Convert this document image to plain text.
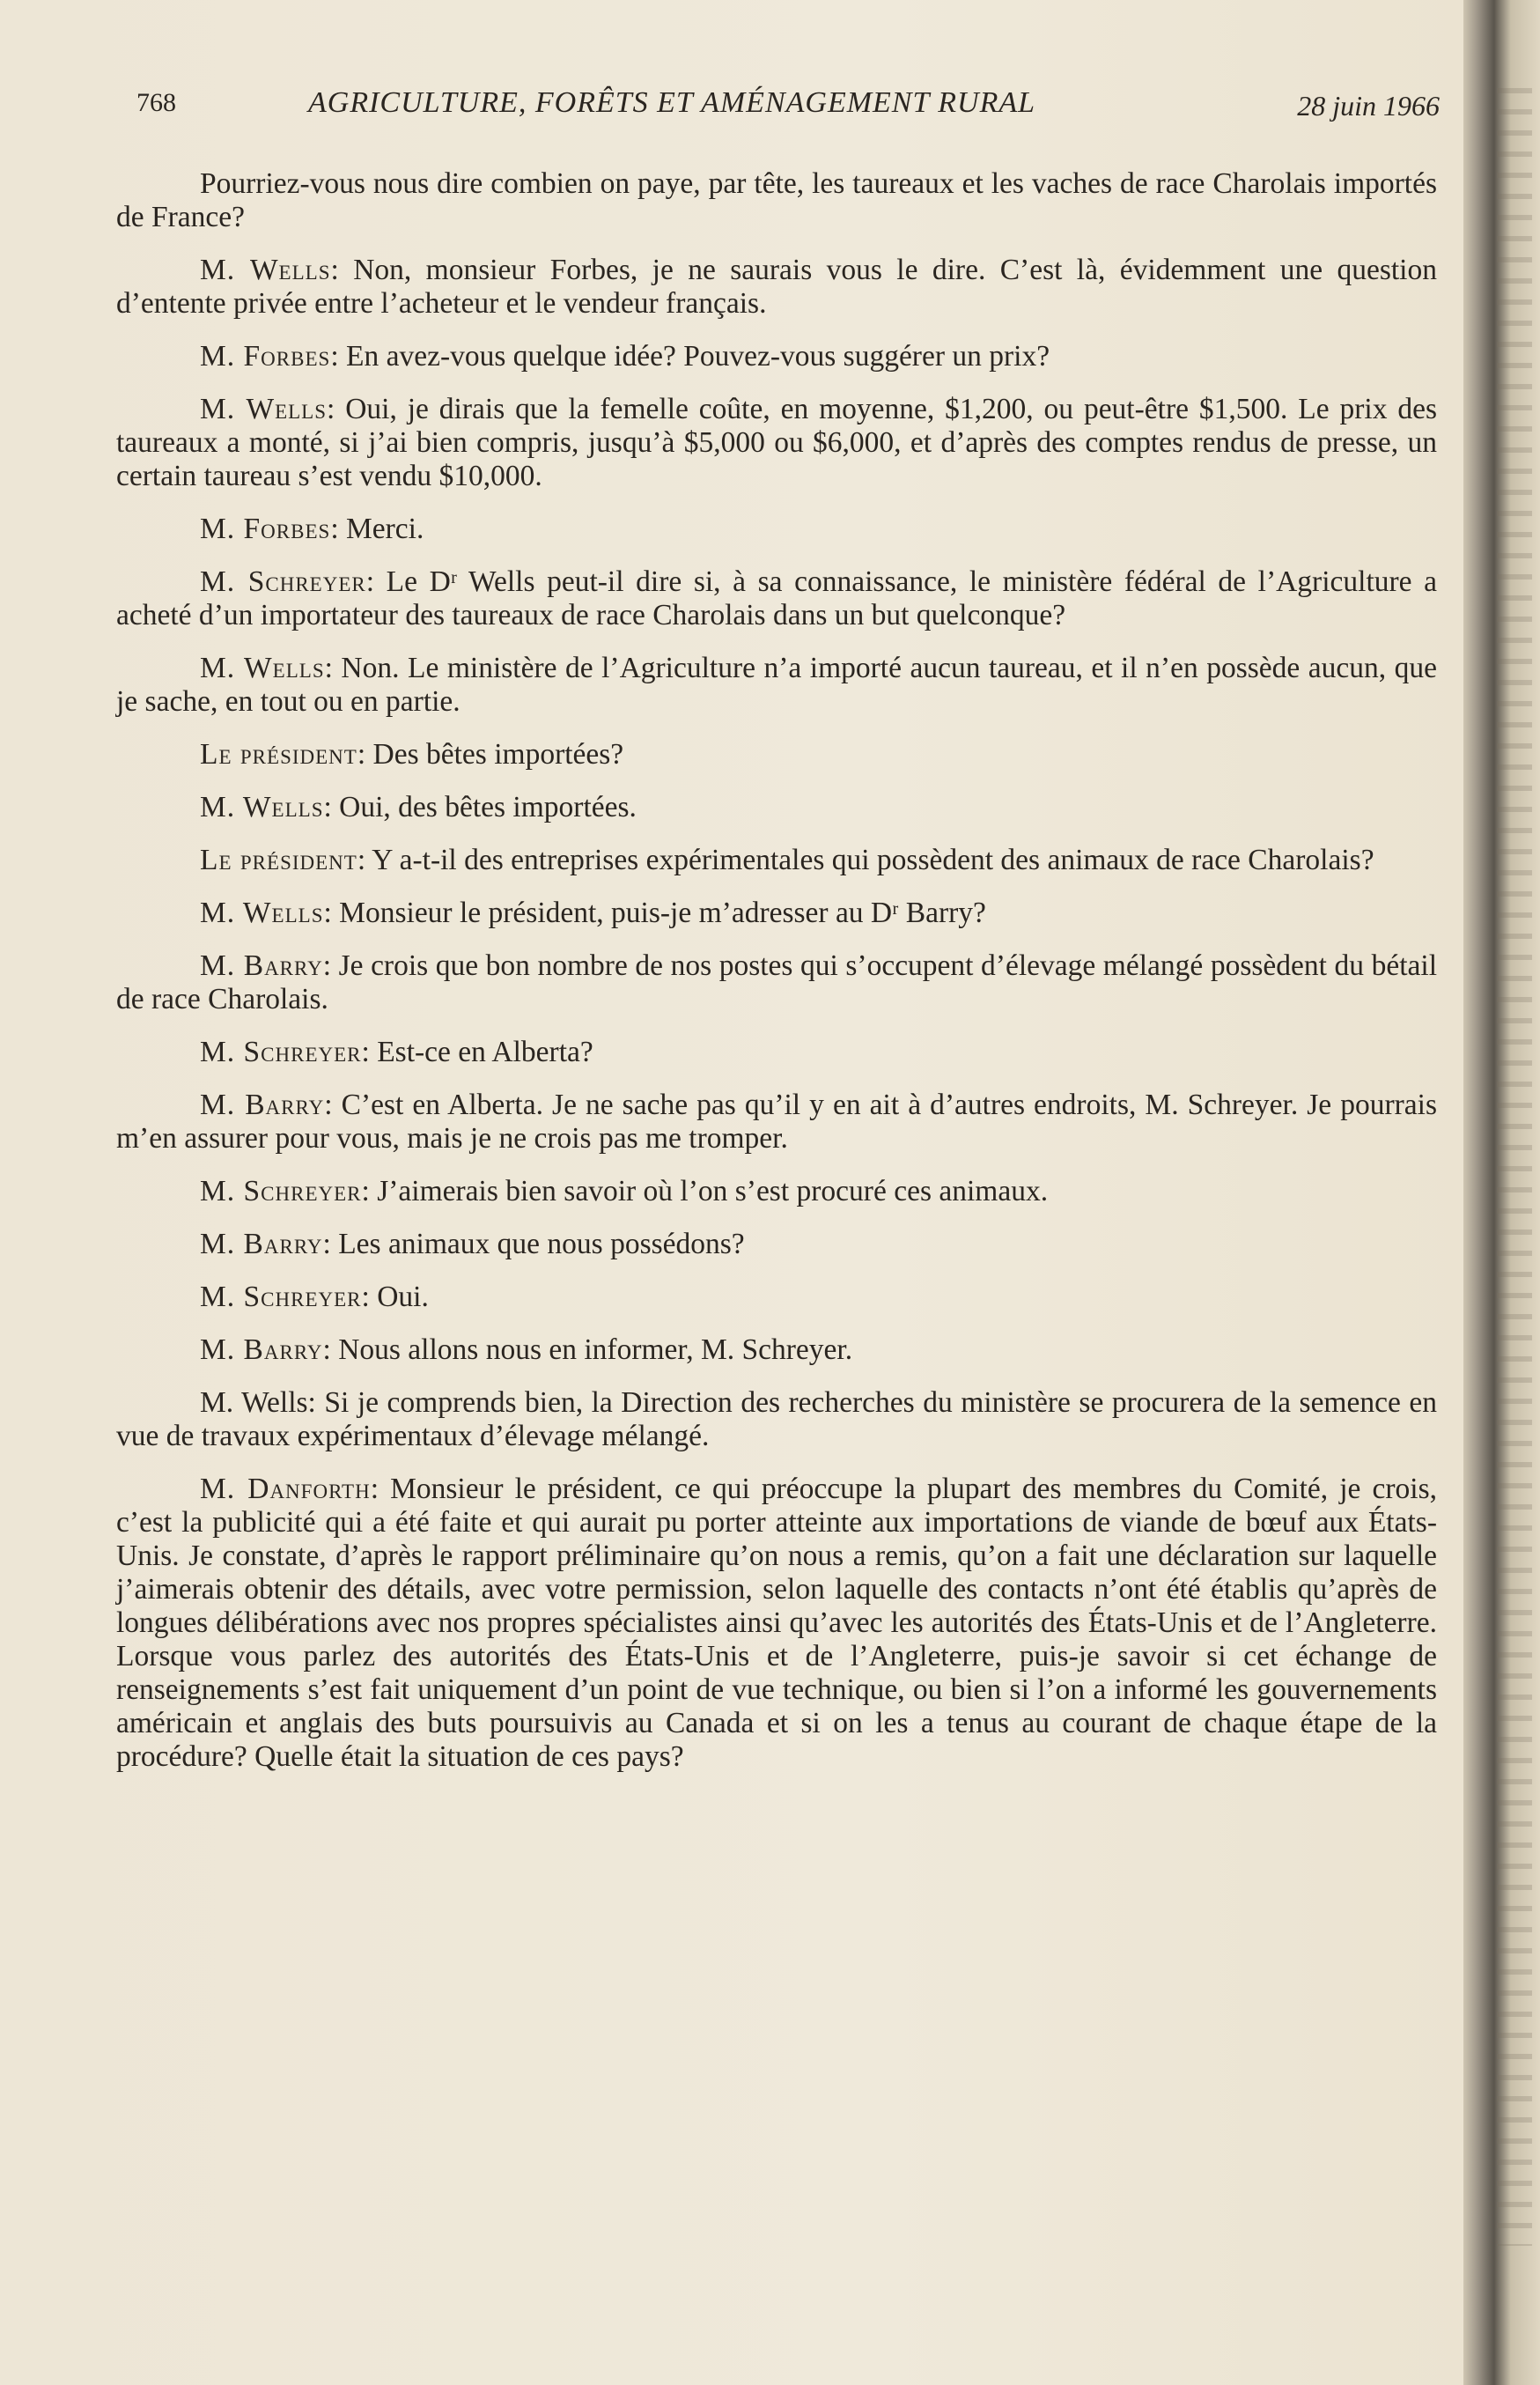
768	AGRICULTURE, FORÊTS ET AMÉNAGEMENT RURAL	28 juin 1966

Pourriez-vous nous dire combien on paye, par tête, les taureaux et les vaches de race Charolais importés de France?

M. Wells: Non, monsieur Forbes, je ne saurais vous le dire. C’est là, évidemment une question d’entente privée entre l’acheteur et le vendeur français.

M. Forbes: En avez-vous quelque idée? Pouvez-vous suggérer un prix?

M. Wells: Oui, je dirais que la femelle coûte, en moyenne, $1,200, ou peut-être $1,500. Le prix des taureaux a monté, si j’ai bien compris, jusqu’à $5,000 ou $6,000, et d’après des comptes rendus de presse, un certain taureau s’est vendu $10,000.

M. Forbes: Merci.

M. Schreyer: Le Dʳ Wells peut-il dire si, à sa connaissance, le ministère fédéral de l’Agriculture a acheté d’un importateur des taureaux de race Charolais dans un but quelconque?

M. Wells: Non. Le ministère de l’Agriculture n’a importé aucun taureau, et il n’en possède aucun, que je sache, en tout ou en partie.

Le président: Des bêtes importées?

M. Wells: Oui, des bêtes importées.

Le président: Y a-t-il des entreprises expérimentales qui possèdent des animaux de race Charolais?

M. Wells: Monsieur le président, puis-je m’adresser au Dʳ Barry?

M. Barry: Je crois que bon nombre de nos postes qui s’occupent d’élevage mélangé possèdent du bétail de race Charolais.

M. Schreyer: Est-ce en Alberta?

M. Barry: C’est en Alberta. Je ne sache pas qu’il y en ait à d’autres endroits, M. Schreyer. Je pourrais m’en assurer pour vous, mais je ne crois pas me tromper.

M. Schreyer: J’aimerais bien savoir où l’on s’est procuré ces animaux.

M. Barry: Les animaux que nous possédons?

M. Schreyer: Oui.

M. Barry: Nous allons nous en informer, M. Schreyer.

M. Wells: Si je comprends bien, la Direction des recherches du ministère se procurera de la semence en vue de travaux expérimentaux d’élevage mélangé.

M. Danforth: Monsieur le président, ce qui préoccupe la plupart des membres du Comité, je crois, c’est la publicité qui a été faite et qui aurait pu porter atteinte aux importations de viande de bœuf aux États-Unis. Je constate, d’après le rapport préliminaire qu’on nous a remis, qu’on a fait une déclaration sur laquelle j’aimerais obtenir des détails, avec votre permission, selon laquelle des contacts n’ont été établis qu’après de longues délibérations avec nos propres spécialistes ainsi qu’avec les autorités des États-Unis et de l’Angleterre. Lorsque vous parlez des autorités des États-Unis et de l’Angleterre, puis-je savoir si cet échange de renseignements s’est fait uniquement d’un point de vue technique, ou bien si l’on a informé les gouvernements américain et anglais des buts poursuivis au Canada et si on les a tenus au courant de chaque étape de la procédure? Quelle était la situation de ces pays?
